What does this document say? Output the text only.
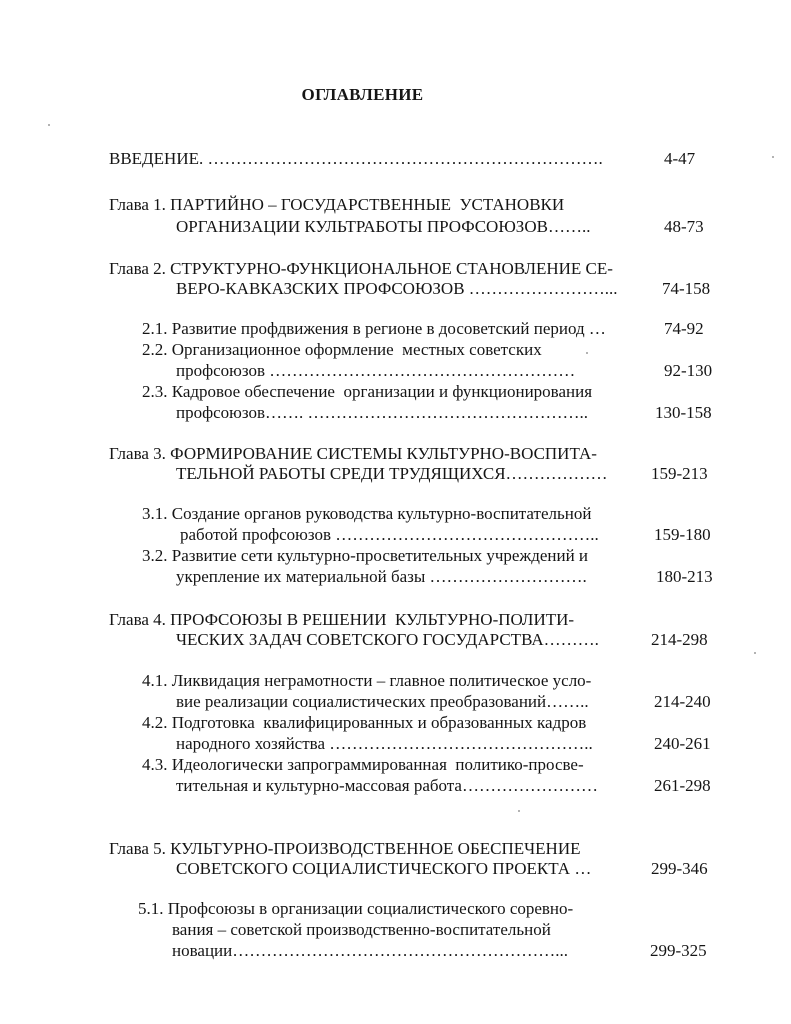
ОГЛАВЛЕНИЕ
ВВЕДЕНИЕ. …………………………………………………………….	4-47
Глава 1. ПАРТИЙНО – ГОСУДАРСТВЕННЫЕ  УСТАНОВКИ
ОРГАНИЗАЦИИ КУЛЬТРАБОТЫ ПРОФСОЮЗОВ……..	48-73
Глава 2. СТРУКТУРНО-ФУНКЦИОНАЛЬНОЕ СТАНОВЛЕНИЕ СЕ-
ВЕРО-КАВКАЗСКИХ ПРОФСОЮЗОВ ……………………...	74-158
2.1. Развитие профдвижения в регионе в досоветский период …	74-92
2.2. Организационное оформление  местных советских
профсоюзов ………………………………………………	92-130
2.3. Кадровое обеспечение  организации и функционирования
профсоюзов……. …………………………………………..	130-158
Глава 3. ФОРМИРОВАНИЕ СИСТЕМЫ КУЛЬТУРНО-ВОСПИТА-
ТЕЛЬНОЙ РАБОТЫ СРЕДИ ТРУДЯЩИХСЯ………………	159-213
3.1. Создание органов руководства культурно-воспитательной
работой профсоюзов ………………………………………..	159-180
3.2. Развитие сети культурно-просветительных учреждений и
укрепление их материальной базы ……………………….	180-213
Глава 4. ПРОФСОЮЗЫ В РЕШЕНИИ  КУЛЬТУРНО-ПОЛИТИ-
ЧЕСКИХ ЗАДАЧ СОВЕТСКОГО ГОСУДАРСТВА……….	214-298
4.1. Ликвидация неграмотности – главное политическое усло-
вие реализации социалистических преобразований……..	214-240
4.2. Подготовка  квалифицированных и образованных кадров
народного хозяйства ………………………………………..	240-261
4.3. Идеологически запрограммированная  политико-просве-
тительная и культурно-массовая работа……………………	261-298
Глава 5. КУЛЬТУРНО-ПРОИЗВОДСТВЕННОЕ ОБЕСПЕЧЕНИЕ
СОВЕТСКОГО СОЦИАЛИСТИЧЕСКОГО ПРОЕКТА …	299-346
5.1. Профсоюзы в организации социалистического соревно-
вания – советской производственно-воспитательной
новации…………………………………………………...	299-325
